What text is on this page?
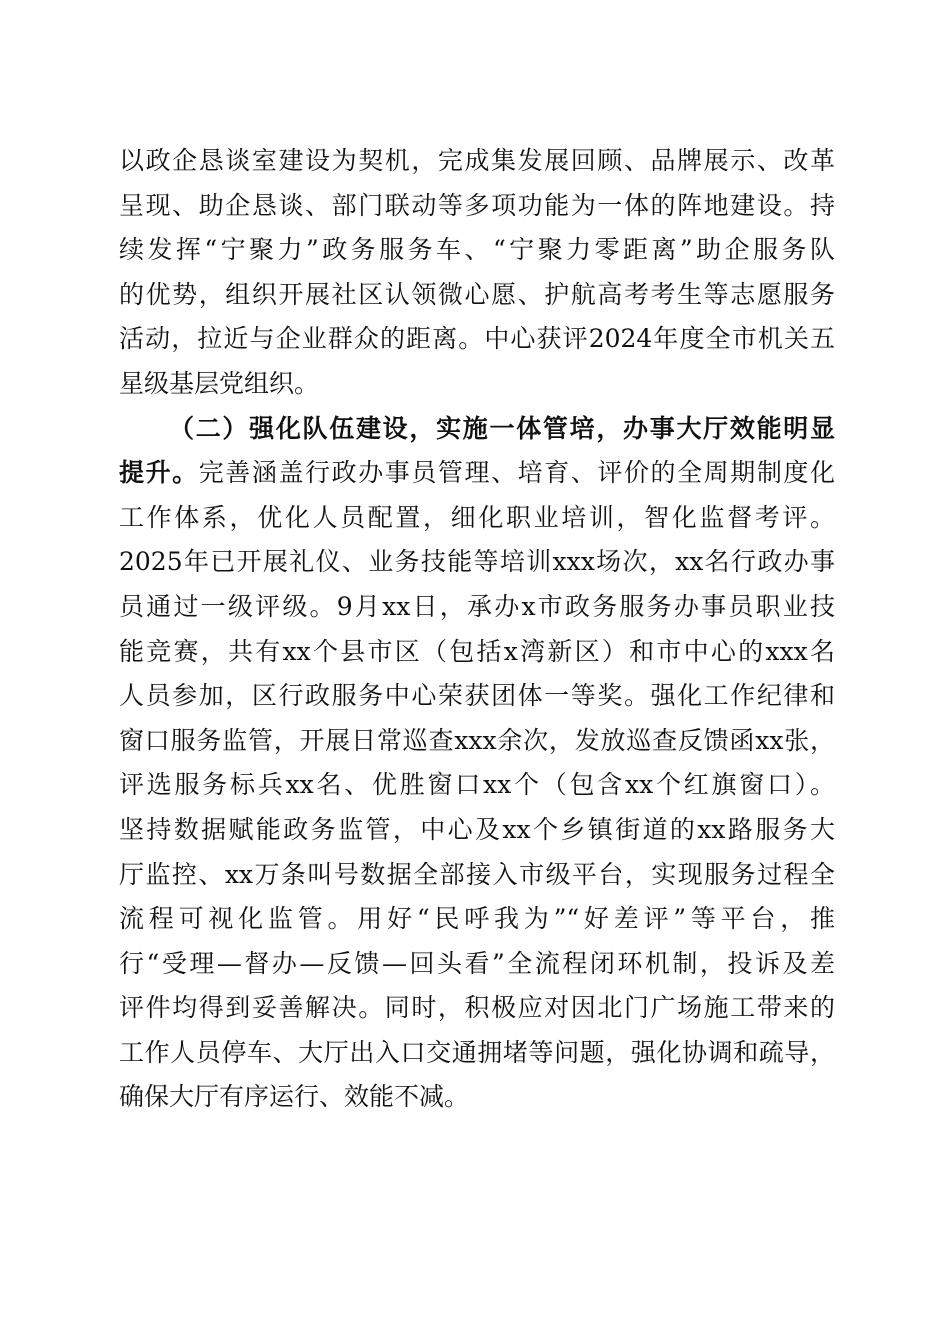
以政企恳谈室建设为契机，完成集发展回顾、品牌展示、改革
呈现、助企恳谈、部门联动等多项功能为一体的阵地建设。持
续发挥“宁聚力”政务服务车、“宁聚力零距离”助企服务队
的优势，组织开展社区认领微心愿、护航高考考生等志愿服务
活动，拉近与企业群众的距离。中心获评2024年度全市机关五
星级基层党组织。
（二）强化队伍建设，实施一体管培，办事大厅效能明显
提升。完善涵盖行政办事员管理、培育、评价的全周期制度化
工作体系，优化人员配置，细化职业培训，智化监督考评。
2025年已开展礼仪、业务技能等培训xxx场次，xx名行政办事
员通过一级评级。9月xx日，承办x市政务服务办事员职业技
能竞赛，共有xx个县市区（包括x湾新区）和市中心的xxx名
人员参加，区行政服务中心荣获团体一等奖。强化工作纪律和
窗口服务监管，开展日常巡查xxx余次，发放巡查反馈函xx张，
评选服务标兵xx名、优胜窗口xx个（包含xx个红旗窗口）。
坚持数据赋能政务监管，中心及xx个乡镇街道的xx路服务大
厅监控、xx万条叫号数据全部接入市级平台，实现服务过程全
流程可视化监管。用好“民呼我为”“好差评”等平台，推
行“受理—督办—反馈—回头看”全流程闭环机制，投诉及差
评件均得到妥善解决。同时，积极应对因北门广场施工带来的
工作人员停车、大厅出入口交通拥堵等问题，强化协调和疏导，
确保大厅有序运行、效能不减。
